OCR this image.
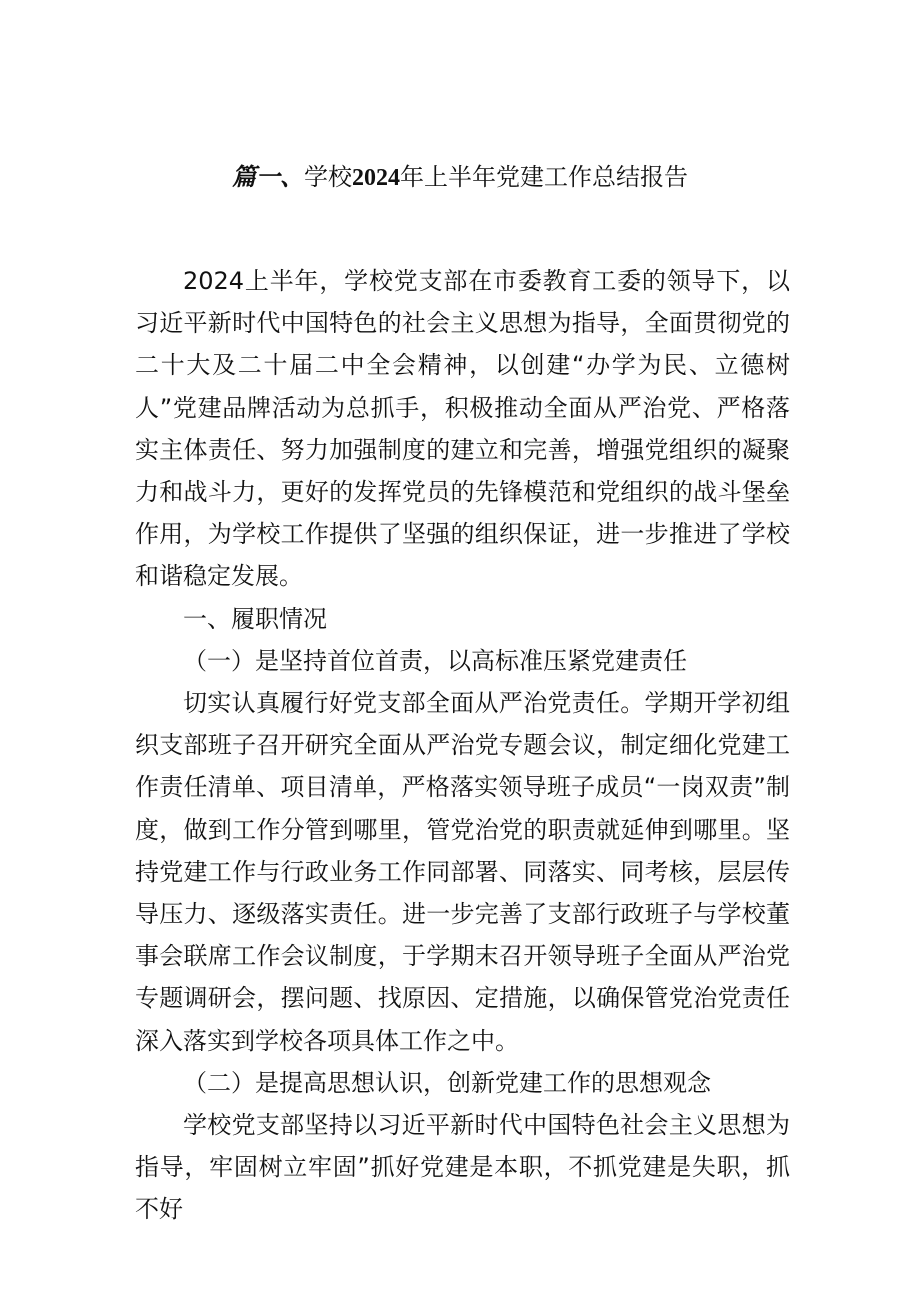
篇一、学校2024年上半年党建工作总结报告

2024上半年，学校党支部在市委教育工委的领导下，以习近平新时代中国特色的社会主义思想为指导，全面贯彻党的二十大及二十届二中全会精神，以创建“办学为民、立德树人”党建品牌活动为总抓手，积极推动全面从严治党、严格落实主体责任、努力加强制度的建立和完善，增强党组织的凝聚力和战斗力，更好的发挥党员的先锋模范和党组织的战斗堡垒作用，为学校工作提供了坚强的组织保证，进一步推进了学校和谐稳定发展。

一、履职情况

（一）是坚持首位首责，以高标准压紧党建责任

切实认真履行好党支部全面从严治党责任。学期开学初组织支部班子召开研究全面从严治党专题会议，制定细化党建工作责任清单、项目清单，严格落实领导班子成员“一岗双责”制度，做到工作分管到哪里，管党治党的职责就延伸到哪里。坚持党建工作与行政业务工作同部署、同落实、同考核，层层传导压力、逐级落实责任。进一步完善了支部行政班子与学校董事会联席工作会议制度，于学期末召开领导班子全面从严治党专题调研会，摆问题、找原因、定措施，以确保管党治党责任深入落实到学校各项具体工作之中。

（二）是提高思想认识，创新党建工作的思想观念

学校党支部坚持以习近平新时代中国特色社会主义思想为指导，牢固树立牢固”抓好党建是本职，不抓党建是失职，抓不好
